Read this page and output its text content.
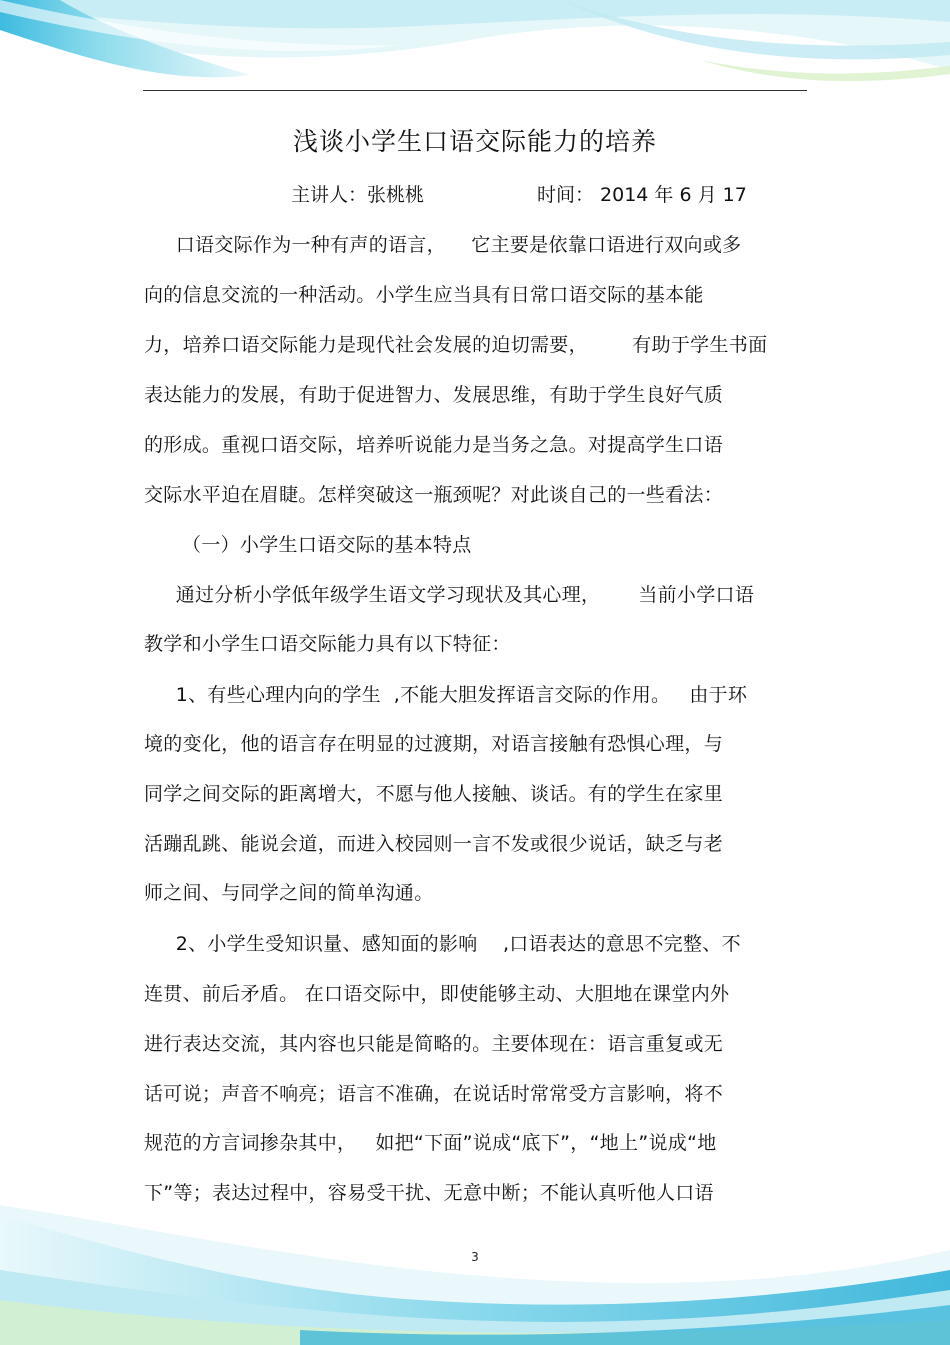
浅谈小学生口语交际能力的培养
主讲人：张桃桃	时间： 2014 年 6 月 17
口语交际作为一种有声的语言，    它主要是依靠口语进行双向或多
向的信息交流的一种活动。小学生应当具有日常口语交际的基本能
力，培养口语交际能力是现代社会发展的迫切需要，       有助于学生书面
表达能力的发展，有助于促进智力、发展思维，有助于学生良好气质
的形成。重视口语交际，培养听说能力是当务之急。对提高学生口语
交际水平迫在眉睫。怎样突破这一瓶颈呢？对此谈自己的一些看法：
（一）小学生口语交际的基本特点
通过分析小学低年级学生语文学习现状及其心理，      当前小学口语
教学和小学生口语交际能力具有以下特征：
1、有些心理内向的学生  ,不能大胆发挥语言交际的作用。   由于环
境的变化，他的语言存在明显的过渡期，对语言接触有恐惧心理，与
同学之间交际的距离增大，不愿与他人接触、谈话。有的学生在家里
活蹦乱跳、能说会道，而进入校园则一言不发或很少说话，缺乏与老
师之间、与同学之间的简单沟通。
2、小学生受知识量、感知面的影响    ,口语表达的意思不完整、不
连贯、前后矛盾。 在口语交际中，即使能够主动、大胆地在课堂内外
进行表达交流，其内容也只能是简略的。主要体现在：语言重复或无
话可说；声音不响亮；语言不准确，在说话时常常受方言影响，将不
规范的方言词掺杂其中，   如把“下面”说成“底下”，“地上”说成“地
下”等；表达过程中，容易受干扰、无意中断；不能认真听他人口语
3
